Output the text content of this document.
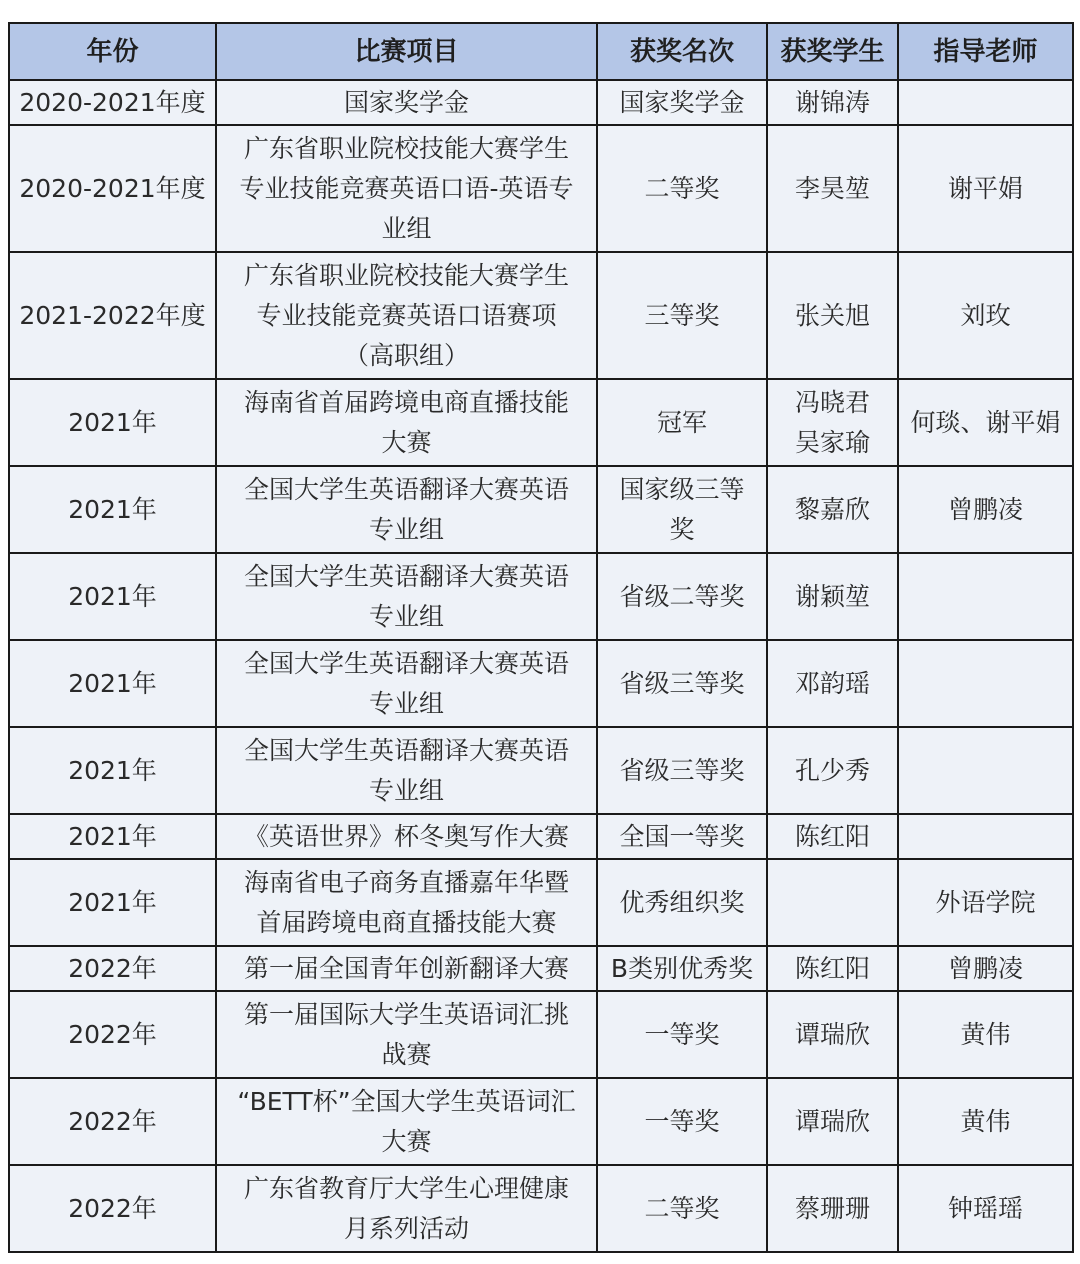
年份	比赛项目	获奖名次	获奖学生	指导老师
2020-2021年度	国家奖学金	国家奖学金	谢锦涛	

2020-2021年度	广东省职业院校技能大赛学生
专业技能竞赛英语口语-英语专
业组	二等奖	李昊堃	谢平娟

2021-2022年度	广东省职业院校技能大赛学生
专业技能竞赛英语口语赛项
（高职组）	三等奖	张关旭	刘玫

2021年	海南省首届跨境电商直播技能
大赛	冠军	冯晓君
吴家瑜	何琰、谢平娟

2021年	全国大学生英语翻译大赛英语
专业组	国家级三等
奖	黎嘉欣	曾鹏凌

2021年	全国大学生英语翻译大赛英语
专业组	省级二等奖	谢颖堃	

2021年	全国大学生英语翻译大赛英语
专业组	省级三等奖	邓韵瑶	

2021年	全国大学生英语翻译大赛英语
专业组	省级三等奖	孔少秀	

2021年	《英语世界》杯冬奥写作大赛	全国一等奖	陈红阳	

2021年	海南省电子商务直播嘉年华暨
首届跨境电商直播技能大赛	优秀组织奖		外语学院

2022年	第一届全国青年创新翻译大赛	B类别优秀奖	陈红阳	曾鹏凌

2022年	第一届国际大学生英语词汇挑
战赛	一等奖	谭瑞欣	黄伟

2022年	“BETT杯”全国大学生英语词汇
大赛	一等奖	谭瑞欣	黄伟

2022年	广东省教育厅大学生心理健康
月系列活动	二等奖	蔡珊珊	钟瑶瑶
